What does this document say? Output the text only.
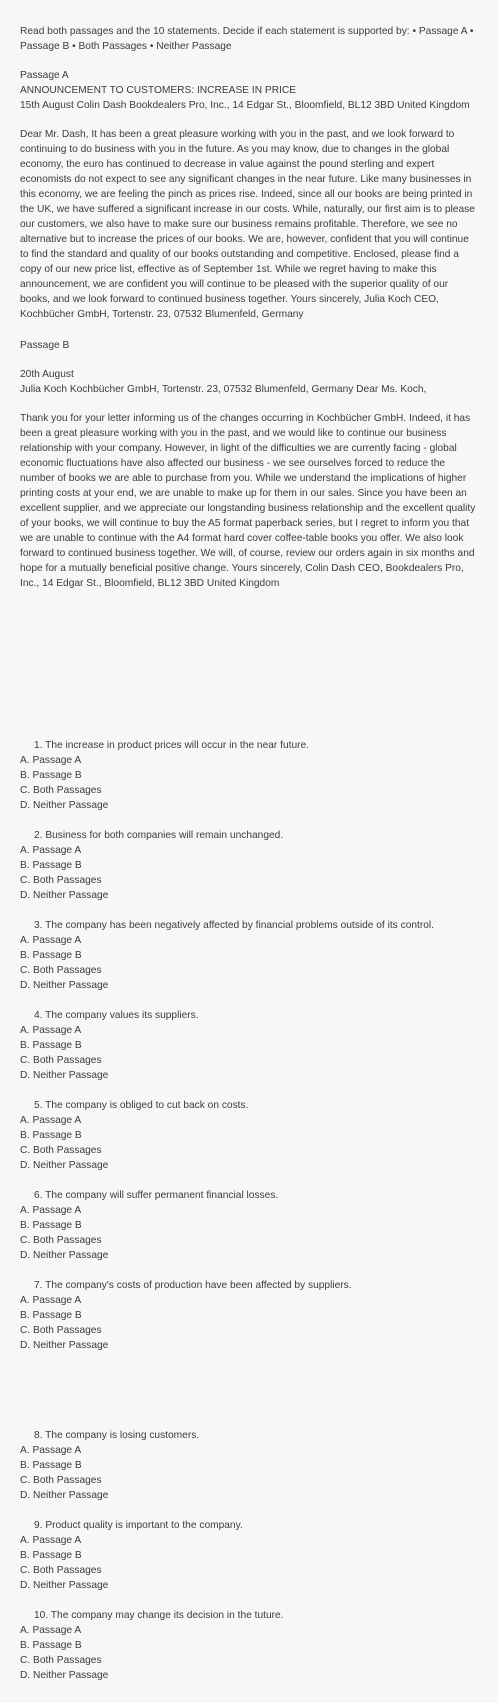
Read both passages and the 10 statements. Decide if each statement is supported by: • Passage A • Passage B • Both Passages • Neither Passage

Passage A

ANNOUNCEMENT TO CUSTOMERS: INCREASE IN PRICE

15th August Colin Dash Bookdealers Pro, Inc., 14 Edgar St., Bloomfield, BL12 3BD United Kingdom

Dear Mr. Dash, It has been a great pleasure working with you in the past, and we look forward to continuing to do business with you in the future. As you may know, due to changes in the global economy, the euro has continued to decrease in value against the pound sterling and expert economists do not expect to see any significant changes in the near future. Like many businesses in this economy, we are feeling the pinch as prices rise. Indeed, since all our books are being printed in the UK, we have suffered a significant increase in our costs. While, naturally, our first aim is to please our customers, we also have to make sure our business remains profitable. Therefore, we see no alternative but to increase the prices of our books. We are, however, confident that you will continue to find the standard and quality of our books outstanding and competitive. Enclosed, please find a copy of our new price list, effective as of September 1st. While we regret having to make this announcement, we are confident you will continue to be pleased with the superior quality of our books, and we look forward to continued business together. Yours sincerely, Julia Koch CEO, Kochbücher GmbH, Tortenstr. 23, 07532 Blumenfeld, Germany

Passage B

20th August

Julia Koch Kochbücher GmbH, Tortenstr. 23, 07532 Blumenfeld, Germany Dear Ms. Koch,

Thank you for your letter informing us of the changes occurring in Kochbücher GmbH. Indeed, it has been a great pleasure working with you in the past, and we would like to continue our business relationship with your company. However, in light of the difficulties we are currently facing - global economic fluctuations have also affected our business - we see ourselves forced to reduce the number of books we are able to purchase from you. While we understand the implications of higher printing costs at your end, we are unable to make up for them in our sales. Since you have been an excellent supplier, and we appreciate our longstanding business relationship and the excellent quality of your books, we will continue to buy the A5 format paperback series, but I regret to inform you that we are unable to continue with the A4 format hard cover coffee-table books you offer. We also look forward to continued business together. We will, of course, review our orders again in six months and hope for a mutually beneficial positive change. Yours sincerely, Colin Dash CEO, Bookdealers Pro, Inc., 14 Edgar St., Bloomfield, BL12 3BD United Kingdom

1. The increase in product prices will occur in the near future.

A. Passage A

B. Passage B

C. Both Passages

D. Neither Passage

2. Business for both companies will remain unchanged.

A. Passage A

B. Passage B

C. Both Passages

D. Neither Passage

3. The company has been negatively affected by financial problems outside of its control.

A. Passage A

B. Passage B

C. Both Passages

D. Neither Passage

4. The company values its suppliers.

A. Passage A

B. Passage B

C. Both Passages

D. Neither Passage

5. The company is obliged to cut back on costs.

A. Passage A

B. Passage B

C. Both Passages

D. Neither Passage

6. The company will suffer permanent financial losses.

A. Passage A

B. Passage B

C. Both Passages

D. Neither Passage

7. The company's costs of production have been affected by suppliers.

A. Passage A

B. Passage B

C. Both Passages

D. Neither Passage

8. The company is losing customers.

A. Passage A

B. Passage B

C. Both Passages

D. Neither Passage

9. Product quality is important to the company.

A. Passage A

B. Passage B

C. Both Passages

D. Neither Passage

10. The company may change its decision in the tuture.

A. Passage A

B. Passage B

C. Both Passages

D. Neither Passage
